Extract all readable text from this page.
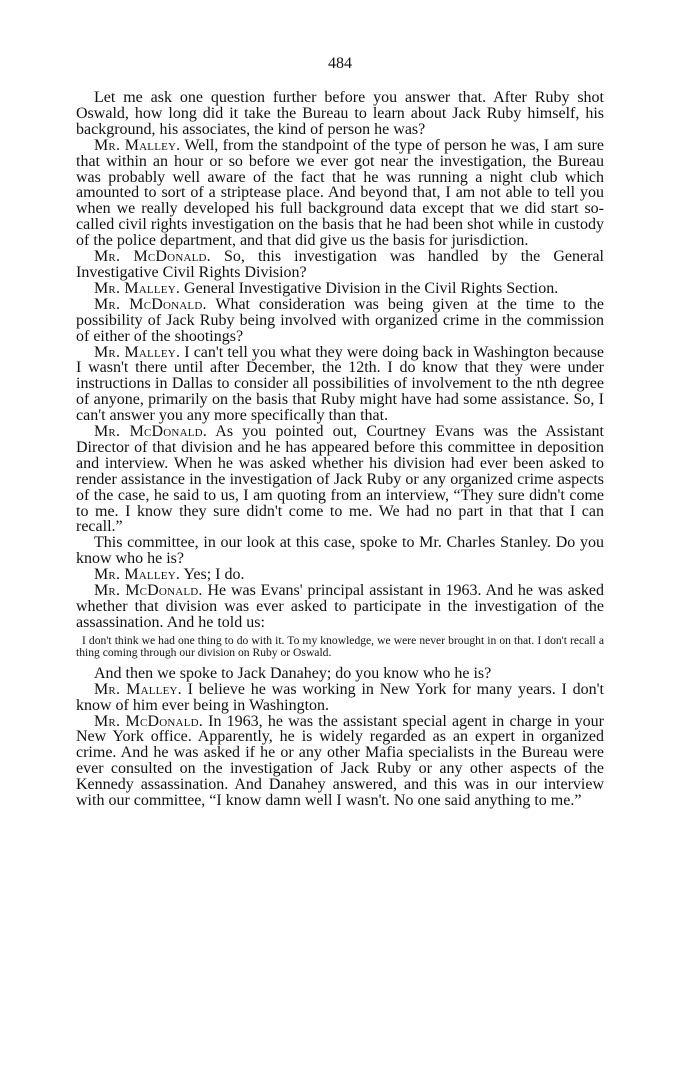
484

Let me ask one question further before you answer that. After Ruby shot Oswald, how long did it take the Bureau to learn about Jack Ruby himself, his background, his associates, the kind of person he was?

Mr. Malley. Well, from the standpoint of the type of person he was, I am sure that within an hour or so before we ever got near the investigation, the Bureau was probably well aware of the fact that he was running a night club which amounted to sort of a striptease place. And beyond that, I am not able to tell you when we really developed his full background data except that we did start so-called civil rights investigation on the basis that he had been shot while in custody of the police department, and that did give us the basis for jurisdiction.

Mr. McDonald. So, this investigation was handled by the General Investigative Civil Rights Division?

Mr. Malley. General Investigative Division in the Civil Rights Section.

Mr. McDonald. What consideration was being given at the time to the possibility of Jack Ruby being involved with organized crime in the commission of either of the shootings?

Mr. Malley. I can't tell you what they were doing back in Washington because I wasn't there until after December, the 12th. I do know that they were under instructions in Dallas to consider all possibilities of involvement to the nth degree of anyone, primarily on the basis that Ruby might have had some assistance. So, I can't answer you any more specifically than that.

Mr. McDonald. As you pointed out, Courtney Evans was the Assistant Director of that division and he has appeared before this committee in deposition and interview. When he was asked whether his division had ever been asked to render assistance in the investigation of Jack Ruby or any organized crime aspects of the case, he said to us, I am quoting from an interview, “They sure didn't come to me. I know they sure didn't come to me. We had no part in that that I can recall.”

This committee, in our look at this case, spoke to Mr. Charles Stanley. Do you know who he is?

Mr. Malley. Yes; I do.

Mr. McDonald. He was Evans' principal assistant in 1963. And he was asked whether that division was ever asked to participate in the investigation of the assassination. And he told us:

I don't think we had one thing to do with it. To my knowledge, we were never brought in on that. I don't recall a thing coming through our division on Ruby or Oswald.

And then we spoke to Jack Danahey; do you know who he is?

Mr. Malley. I believe he was working in New York for many years. I don't know of him ever being in Washington.

Mr. McDonald. In 1963, he was the assistant special agent in charge in your New York office. Apparently, he is widely regarded as an expert in organized crime. And he was asked if he or any other Mafia specialists in the Bureau were ever consulted on the investigation of Jack Ruby or any other aspects of the Kennedy assassination. And Danahey answered, and this was in our interview with our committee, “I know damn well I wasn't. No one said anything to me.”
